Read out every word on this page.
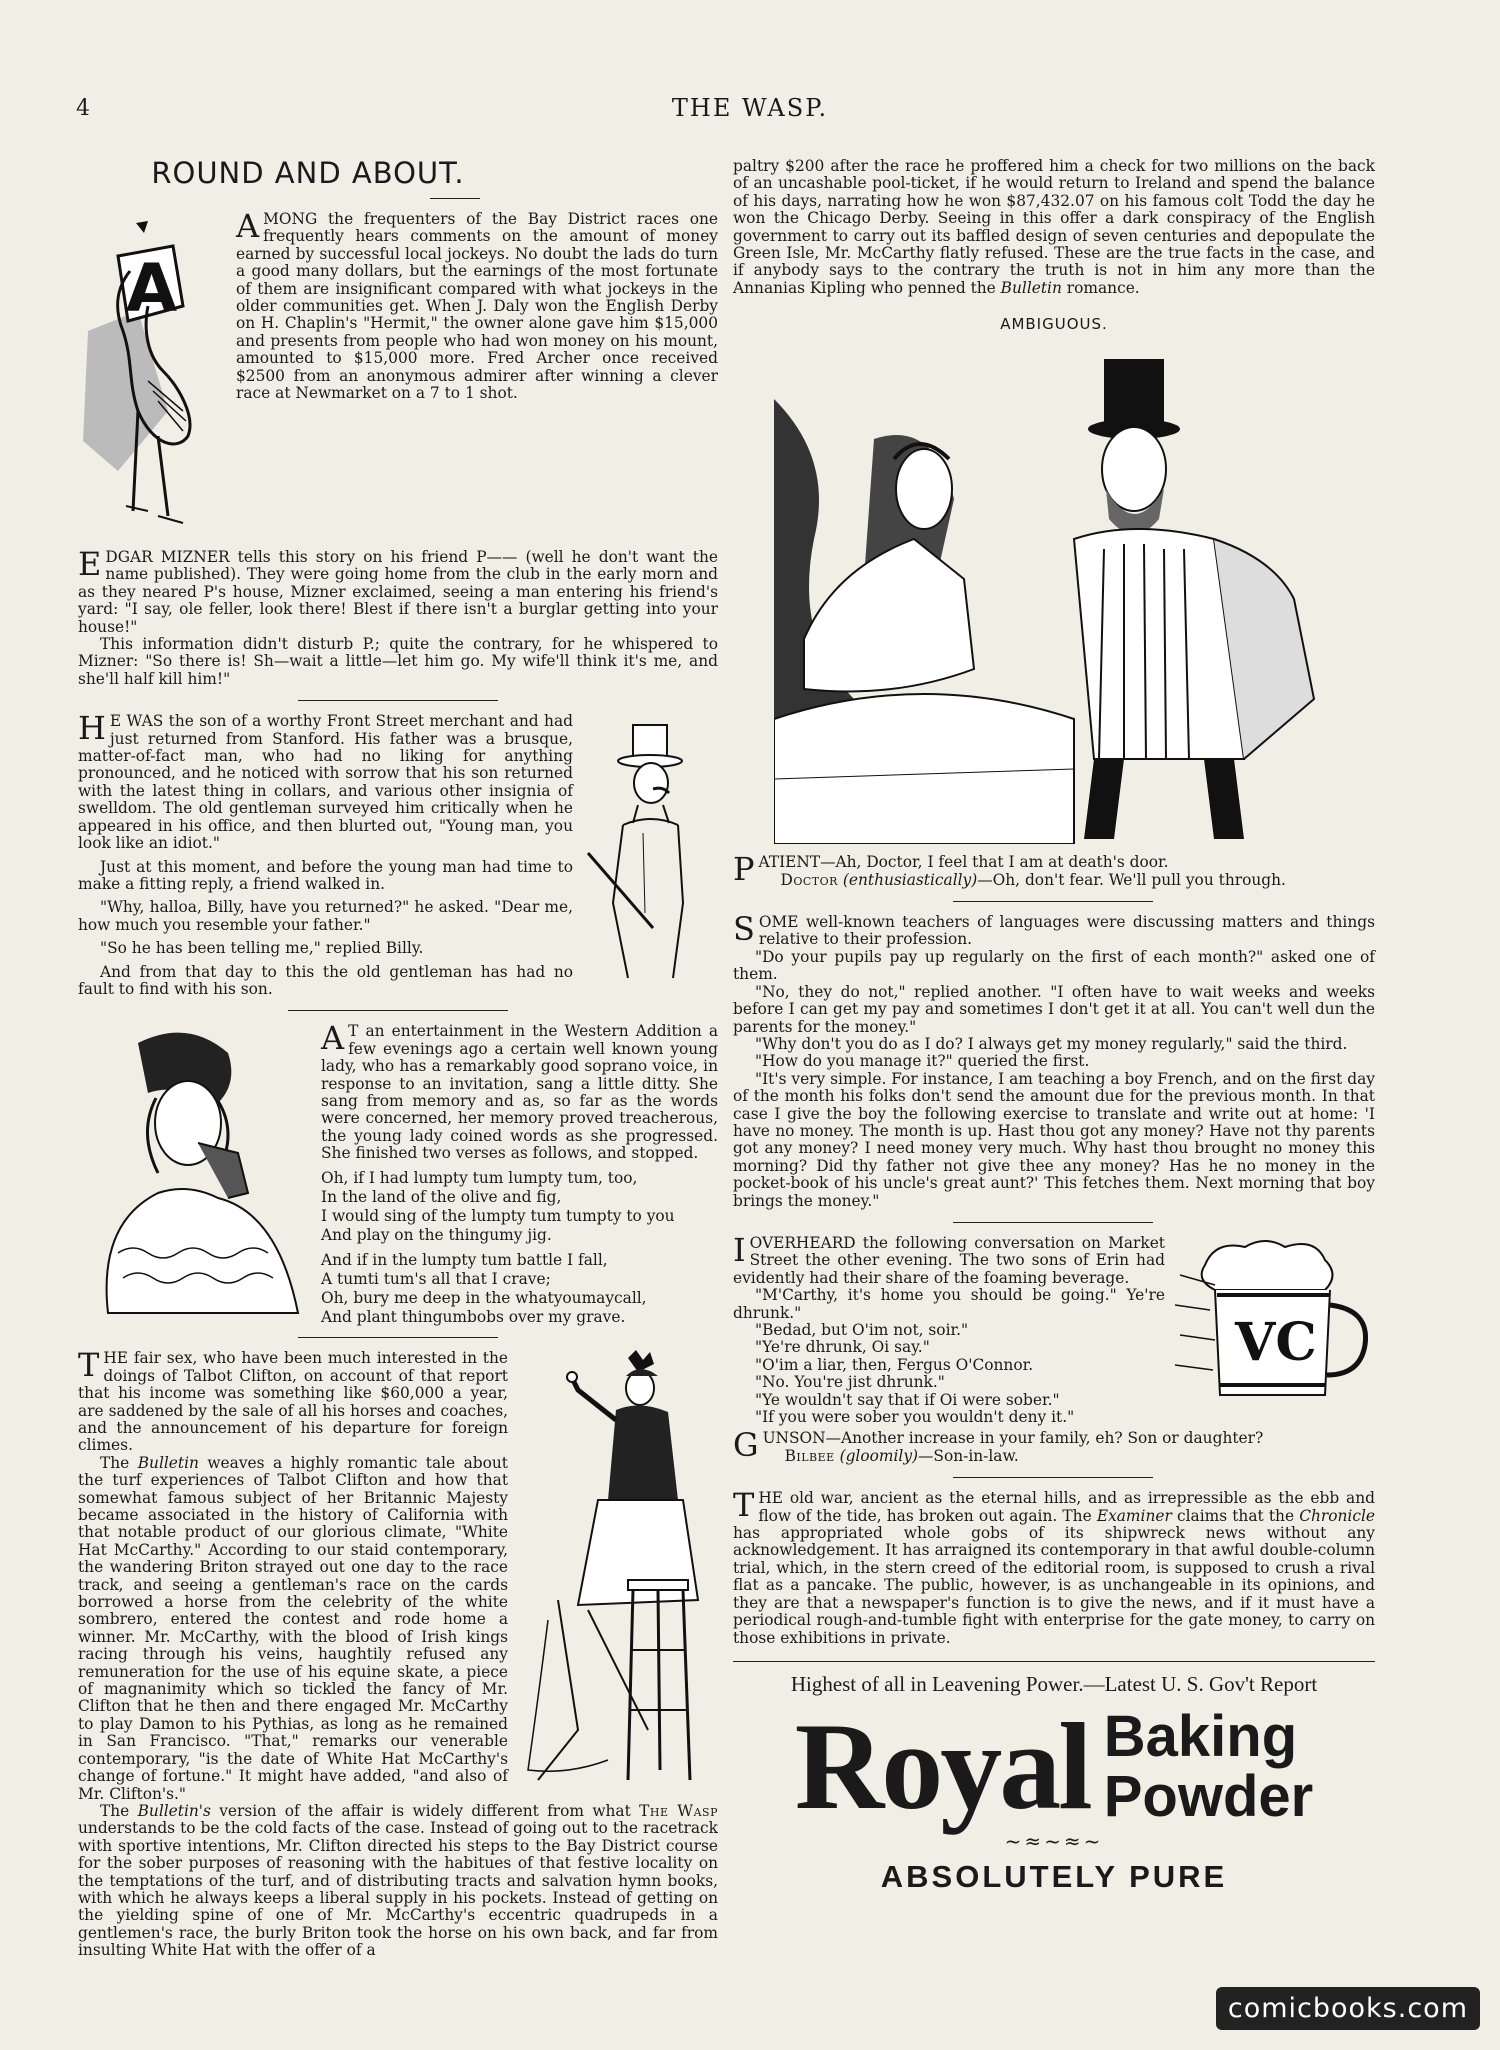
4	THE WASP.
ROUND AND ABOUT.
A

AMONG the frequenters of the Bay District races one frequently hears comments on the amount of money earned by successful local jockeys. No doubt the lads do turn a good many dollars, but the earnings of the most fortunate of them are insignificant compared with what jockeys in the older communities get. When J. Daly won the English Derby on H. Chaplin's "Hermit," the owner alone gave him $15,000 and presents from people who had won money on his mount, amounted to $15,000 more. Fred Archer once received $2500 from an anonymous admirer after winning a clever race at Newmarket on a 7 to 1 shot.

EDGAR MIZNER tells this story on his friend P—— (well he don't want the name published). They were going home from the club in the early morn and as they neared P's house, Mizner exclaimed, seeing a man entering his friend's yard: "I say, ole feller, look there! Blest if there isn't a burglar getting into your house!"

This information didn't disturb P.; quite the contrary, for he whispered to Mizner: "So there is! Sh—wait a little—let him go. My wife'll think it's me, and she'll half kill him!"

H E WAS the son of a worthy Front Street merchant and had just returned from Stanford. His father was a brusque, matter-of-fact man, who had no liking for anything pronounced, and he noticed with sorrow that his son returned with the latest thing in collars, and various other insignia of swelldom. The old gentleman surveyed him critically when he appeared in his office, and then blurted out, "Young man, you look like an idiot."

Just at this moment, and before the young man had time to make a fitting reply, a friend walked in.

"Why, halloa, Billy, have you returned?" he asked. "Dear me, how much you resemble your father."

"So he has been telling me," replied Billy.

And from that day to this the old gentleman has had no fault to find with his son.

A T an entertainment in the Western Addition a few evenings ago a certain well known young lady, who has a remarkably good soprano voice, in response to an invitation, sang a little ditty. She sang from memory and as, so far as the words were concerned, her memory proved treacherous, the young lady coined words as she progressed. She finished two verses as follows, and stopped.

Oh, if I had lumpty tum lumpty tum, too,

In the land of the olive and fig,

I would sing of the lumpty tum tumpty to you

And play on the thingumy jig.

And if in the lumpty tum battle I fall,

A tumti tum's all that I crave;

Oh, bury me deep in the whatyoumaycall,

And plant thingumbobs over my grave.

THE fair sex, who have been much interested in the doings of Talbot Clifton, on account of that report that his income was something like $60,000 a year, are saddened by the sale of all his horses and coaches, and the announcement of his departure for foreign climes.

The Bulletin weaves a highly romantic tale about the turf experiences of Talbot Clifton and how that somewhat famous subject of her Britannic Majesty became associated in the history of California with that notable product of our glorious climate, "White Hat McCarthy." According to our staid contemporary, the wandering Briton strayed out one day to the race track, and seeing a gentleman's race on the cards borrowed a horse from the celebrity of the white sombrero, entered the contest and rode home a winner. Mr. McCarthy, with the blood of Irish kings racing through his veins, haughtily refused any remuneration for the use of his equine skate, a piece of magnanimity which so tickled the fancy of Mr. Clifton that he then and there engaged Mr. McCarthy to play Damon to his Pythias, as long as he remained in San Francisco. "That," remarks our venerable contemporary, "is the date of White Hat McCarthy's change of fortune." It might have added, "and also of Mr. Clifton's."

The Bulletin's version of the affair is widely different from what The Wasp understands to be the cold facts of the case. Instead of going out to the racetrack with sportive intentions, Mr. Clifton directed his steps to the Bay District course for the sober purposes of reasoning with the habitues of that festive locality on the temptations of the turf, and of distributing tracts and salvation hymn books, with which he always keeps a liberal supply in his pockets. Instead of getting on the yielding spine of one of Mr. McCarthy's eccentric quadrupeds in a gentlemen's race, the burly Briton took the horse on his own back, and far from insulting White Hat with the offer of a

paltry $200 after the race he proffered him a check for two millions on the back of an uncashable pool-ticket, if he would return to Ireland and spend the balance of his days, narrating how he won $87,432.07 on his famous colt Todd the day he won the Chicago Derby. Seeing in this offer a dark conspiracy of the English government to carry out its baffled design of seven centuries and depopulate the Green Isle, Mr. McCarthy flatly refused. These are the true facts in the case, and if anybody says to the contrary the truth is not in him any more than the Annanias Kipling who penned the Bulletin romance.

AMBIGUOUS.

PATIENT—Ah, Doctor, I feel that I am at death's door.

Doctor (enthusiastically)—Oh, don't fear. We'll pull you through.

SOME well-known teachers of languages were discussing matters and things relative to their profession.

"Do your pupils pay up regularly on the first of each month?" asked one of them.

"No, they do not," replied another. "I often have to wait weeks and weeks before I can get my pay and sometimes I don't get it at all. You can't well dun the parents for the money."

"Why don't you do as I do? I always get my money regularly," said the third.

"How do you manage it?" queried the first.

"It's very simple. For instance, I am teaching a boy French, and on the first day of the month his folks don't send the amount due for the previous month. In that case I give the boy the following exercise to translate and write out at home: 'I have no money. The month is up. Hast thou got any money? Have not thy parents got any money? I need money very much. Why hast thou brought no money this morning? Did thy father not give thee any money? Has he no money in the pocket-book of his uncle's great aunt?' This fetches them. Next morning that boy brings the money."

VC

IOVERHEARD the following conversation on Market Street the other evening. The two sons of Erin had evidently had their share of the foaming beverage.

"M'Carthy, it's home you should be going." Ye're dhrunk."

"Bedad, but O'im not, soir."

"Ye're dhrunk, Oi say."

"O'im a liar, then, Fergus O'Connor.

"No. You're jist dhrunk."

"Ye wouldn't say that if Oi were sober."

"If you were sober you wouldn't deny it."

GUNSON—Another increase in your family, eh? Son or daughter?

Bilbee (gloomily)—Son-in-law.

THE old war, ancient as the eternal hills, and as irrepressible as the ebb and flow of the tide, has broken out again. The Examiner claims that the Chronicle has appropriated whole gobs of its shipwreck news without any acknowledgement. It has arraigned its contemporary in that awful double-column trial, which, in the stern creed of the editorial room, is supposed to crush a rival flat as a pancake. The public, however, is as unchangeable in its opinions, and they are that a newspaper's function is to give the news, and if it must have a periodical rough-and-tumble fight with enterprise for the gate money, to carry on those exhibitions in private.

Highest of all in Leavening Power.—Latest U. S. Gov't Report
Royal Baking
Powder
~≈~≈~
ABSOLUTELY PURE
comicbooks.com
